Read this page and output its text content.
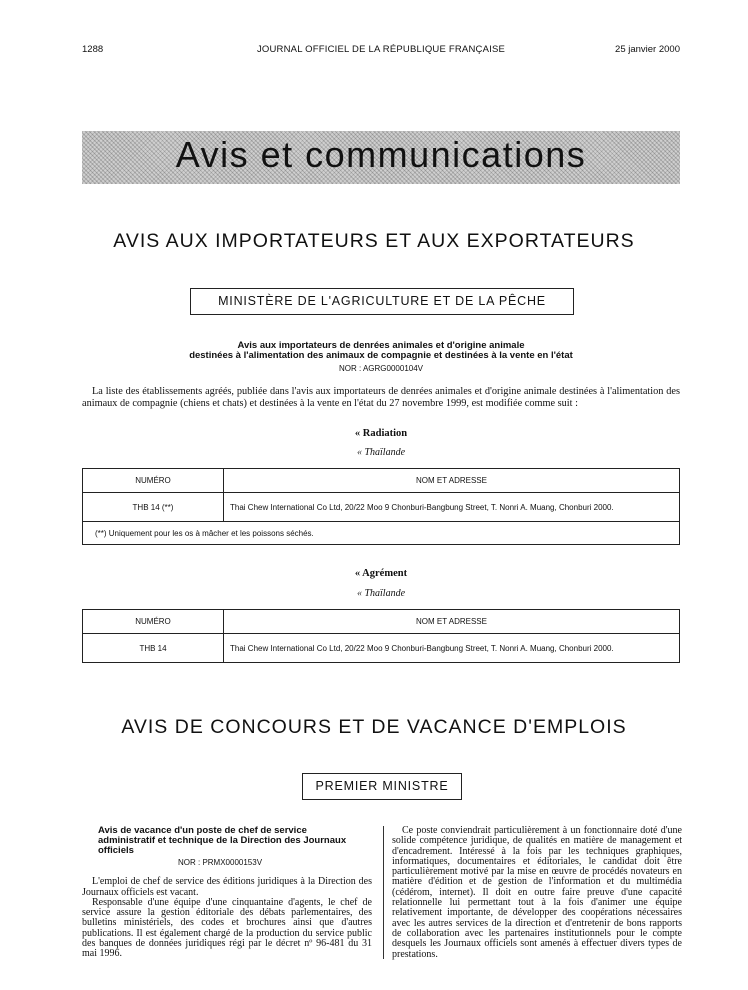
1288	JOURNAL OFFICIEL DE LA RÉPUBLIQUE FRANÇAISE	25 janvier 2000
Avis et communications
AVIS AUX IMPORTATEURS ET AUX EXPORTATEURS
MINISTÈRE DE L'AGRICULTURE ET DE LA PÊCHE
Avis aux importateurs de denrées animales et d'origine animale
destinées à l'alimentation des animaux de compagnie et destinées à la vente en l'état
NOR : AGRG0000104V
La liste des établissements agréés, publiée dans l'avis aux importateurs de denrées animales et d'origine animale destinées à l'alimentation des animaux de compagnie (chiens et chats) et destinées à la vente en l'état du 27 novembre 1999, est modifiée comme suit :
« Radiation
« Thaïlande
NUMÉRO	NOM ET ADRESSE
THB 14 (**)	Thai Chew International Co Ltd, 20/22 Moo 9 Chonburi-Bangbung Street, T. Nonri A. Muang, Chonburi 2000.
(**) Uniquement pour les os à mâcher et les poissons séchés.	
« Agrément
« Thaïlande
NUMÉRO	NOM ET ADRESSE
THB 14	Thai Chew International Co Ltd, 20/22 Moo 9 Chonburi-Bangbung Street, T. Nonri A. Muang, Chonburi 2000.
AVIS DE CONCOURS ET DE VACANCE D'EMPLOIS
PREMIER MINISTRE
Avis de vacance d'un poste de chef de service administratif et technique de la Direction des Journaux officiels
NOR : PRMX0000153V

L'emploi de chef de service des éditions juridiques à la Direction des Journaux officiels est vacant.

Responsable d'une équipe d'une cinquantaine d'agents, le chef de service assure la gestion éditoriale des débats parlementaires, des bulletins ministériels, des codes et brochures ainsi que d'autres publications. Il est également chargé de la production du service public des banques de données juridiques régi par le décret nº 96-481 du 31 mai 1996.

Ce poste conviendrait particulièrement à un fonctionnaire doté d'une solide compétence juridique, de qualités en matière de management et d'encadrement. Intéressé à la fois par les techniques graphiques, informatiques, documentaires et éditoriales, le candidat doit être particulièrement motivé par la mise en œuvre de procédés novateurs en matière d'édition et de gestion de l'information et du multimédia (cédérom, internet). Il doit en outre faire preuve d'une capacité relationnelle lui permettant tout à la fois d'animer une équipe relativement importante, de développer des coopérations nécessaires avec les autres services de la direction et d'entretenir de bons rapports de collaboration avec les partenaires institutionnels pour le compte desquels les Journaux officiels sont amenés à effectuer divers types de prestations.
